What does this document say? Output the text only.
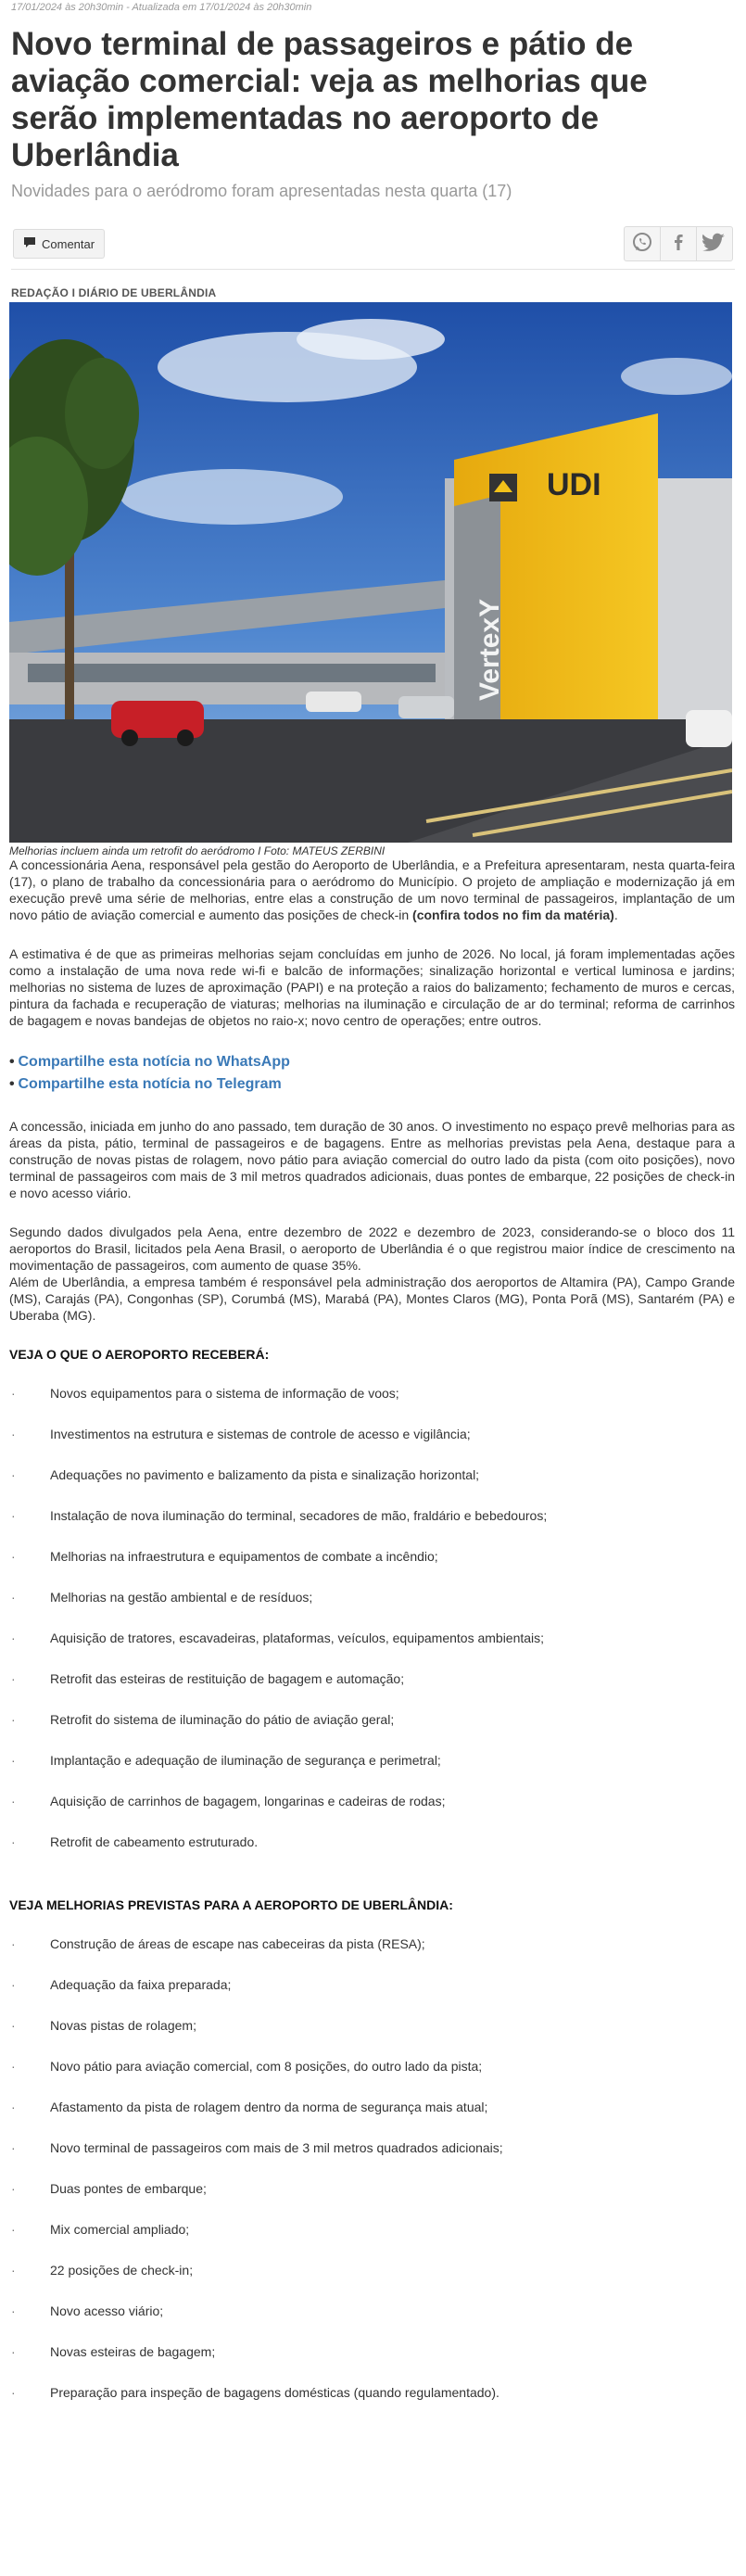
17/01/2024 às 20h30min - Atualizada em 17/01/2024 às 20h30min
Novo terminal de passageiros e pátio de aviação comercial: veja as melhorias que serão implementadas no aeroporto de Uberlândia

Novidades para o aeródromo foram apresentadas nesta quarta (17)

Comentar
REDAÇÃO I DIÁRIO DE UBERLÂNDIA
UDI
VertexY
Melhorias incluem ainda um retrofit do aeródromo I Foto: MATEUS ZERBINI

A concessionária Aena, responsável pela gestão do Aeroporto de Uberlândia, e a Prefeitura apresentaram, nesta quarta-feira (17), o plano de trabalho da concessionária para o aeródromo do Município. O projeto de ampliação e modernização já em execução prevê uma série de melhorias, entre elas a construção de um novo terminal de passageiros, implantação de um novo pátio de aviação comercial e aumento das posições de check-in (confira todos no fim da matéria).

A estimativa é de que as primeiras melhorias sejam concluídas em junho de 2026. No local, já foram implementadas ações como a instalação de uma nova rede wi-fi e balcão de informações; sinalização horizontal e vertical luminosa e jardins; melhorias no sistema de luzes de aproximação (PAPI) e na proteção a raios do balizamento; fechamento de muros e cercas, pintura da fachada e recuperação de viaturas; melhorias na iluminação e circulação de ar do terminal; reforma de carrinhos de bagagem e novas bandejas de objetos no raio-x; novo centro de operações; entre outros.

• Compartilhe esta notícia no WhatsApp
• Compartilhe esta notícia no Telegram

A concessão, iniciada em junho do ano passado, tem duração de 30 anos. O investimento no espaço prevê melhorias para as áreas da pista, pátio, terminal de passageiros e de bagagens. Entre as melhorias previstas pela Aena, destaque para a construção de novas pistas de rolagem, novo pátio para aviação comercial do outro lado da pista (com oito posições), novo terminal de passageiros com mais de 3 mil metros quadrados adicionais, duas pontes de embarque, 22 posições de check-in e novo acesso viário.

Segundo dados divulgados pela Aena, entre dezembro de 2022 e dezembro de 2023, considerando-se o bloco dos 11 aeroportos do Brasil, licitados pela Aena Brasil, o aeroporto de Uberlândia é o que registrou maior índice de crescimento na movimentação de passageiros, com aumento de quase 35%.

Além de Uberlândia, a empresa também é responsável pela administração dos aeroportos de Altamira (PA), Campo Grande (MS), Carajás (PA), Congonhas (SP), Corumbá (MS), Marabá (PA), Montes Claros (MG), Ponta Porã (MS), Santarém (PA) e Uberaba (MG).

VEJA O QUE O AEROPORTO RECEBERÁ:

·	Novos equipamentos para o sistema de informação de voos;
·	Investimentos na estrutura e sistemas de controle de acesso e vigilância;
·	Adequações no pavimento e balizamento da pista e sinalização horizontal;
·	Instalação de nova iluminação do terminal, secadores de mão, fraldário e bebedouros;
·	Melhorias na infraestrutura e equipamentos de combate a incêndio;
·	Melhorias na gestão ambiental e de resíduos;
·	Aquisição de tratores, escavadeiras, plataformas, veículos, equipamentos ambientais;
·	Retrofit das esteiras de restituição de bagagem e automação;
·	Retrofit do sistema de iluminação do pátio de aviação geral;
·	Implantação e adequação de iluminação de segurança e perimetral;
·	Aquisição de carrinhos de bagagem, longarinas e cadeiras de rodas;
·	Retrofit de cabeamento estruturado.

VEJA MELHORIAS PREVISTAS PARA A AEROPORTO DE UBERLÂNDIA:

·	Construção de áreas de escape nas cabeceiras da pista (RESA);
·	Adequação da faixa preparada;
·	Novas pistas de rolagem;
·	Novo pátio para aviação comercial, com 8 posições, do outro lado da pista;
·	Afastamento da pista de rolagem dentro da norma de segurança mais atual;
·	Novo terminal de passageiros com mais de 3 mil metros quadrados adicionais;
·	Duas pontes de embarque;
·	Mix comercial ampliado;
·	22 posições de check-in;
·	Novo acesso viário;
·	Novas esteiras de bagagem;
·	Preparação para inspeção de bagagens domésticas (quando regulamentado).
